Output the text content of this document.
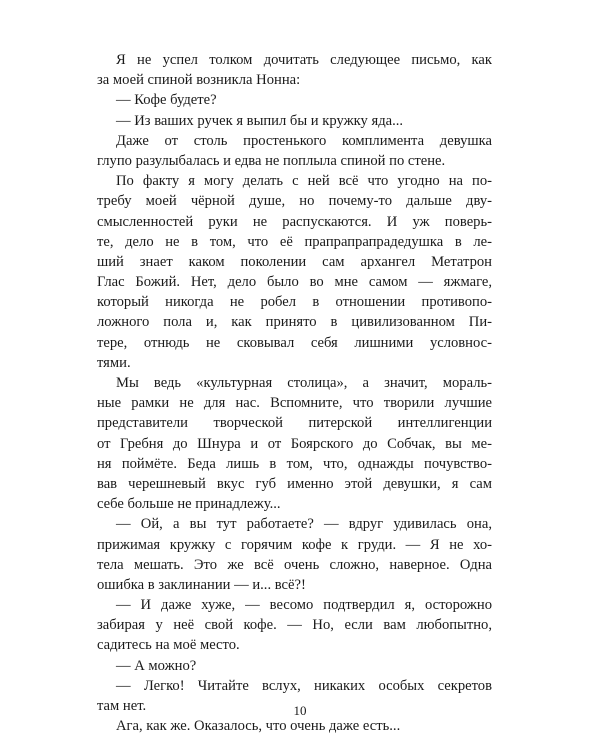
Я не успел толком дочитать следующее письмо, как
за моей спиной возникла Нонна:
— Кофе будете?
— Из ваших ручек я выпил бы и кружку яда...
Даже от столь простенького комплимента девушка
глупо разулыбалась и едва не поплыла спиной по стене.
По факту я могу делать с ней всё что угодно на по-
требу моей чёрной душе, но почему-то дальше дву-
смысленностей руки не распускаются. И уж поверь-
те, дело не в том, что её прапрапрапрадедушка в ле-
ший знает каком поколении сам архангел Метатрон
Глас Божий. Нет, дело было во мне самом — яжмаге,
который никогда не робел в отношении противопо-
ложного пола и, как принято в цивилизованном Пи-
тере, отнюдь не сковывал себя лишними условнос-
тями.
Мы ведь «культурная столица», а значит, мораль-
ные рамки не для нас. Вспомните, что творили лучшие
представители творческой питерской интеллигенции
от Гребня до Шнура и от Боярского до Собчак, вы ме-
ня поймёте. Беда лишь в том, что, однажды почувство-
вав черешневый вкус губ именно этой девушки, я сам
себе больше не принадлежу...
— Ой, а вы тут работаете? — вдруг удивилась она,
прижимая кружку с горячим кофе к груди. — Я не хо-
тела мешать. Это же всё очень сложно, наверное. Одна
ошибка в заклинании — и... всё?!
— И даже хуже, — весомо подтвердил я, осторожно
забирая у неё свой кофе. — Но, если вам любопытно,
садитесь на моё место.
— А можно?
— Легко! Читайте вслух, никаких особых секретов
там нет.
Ага, как же. Оказалось, что очень даже есть...
10
